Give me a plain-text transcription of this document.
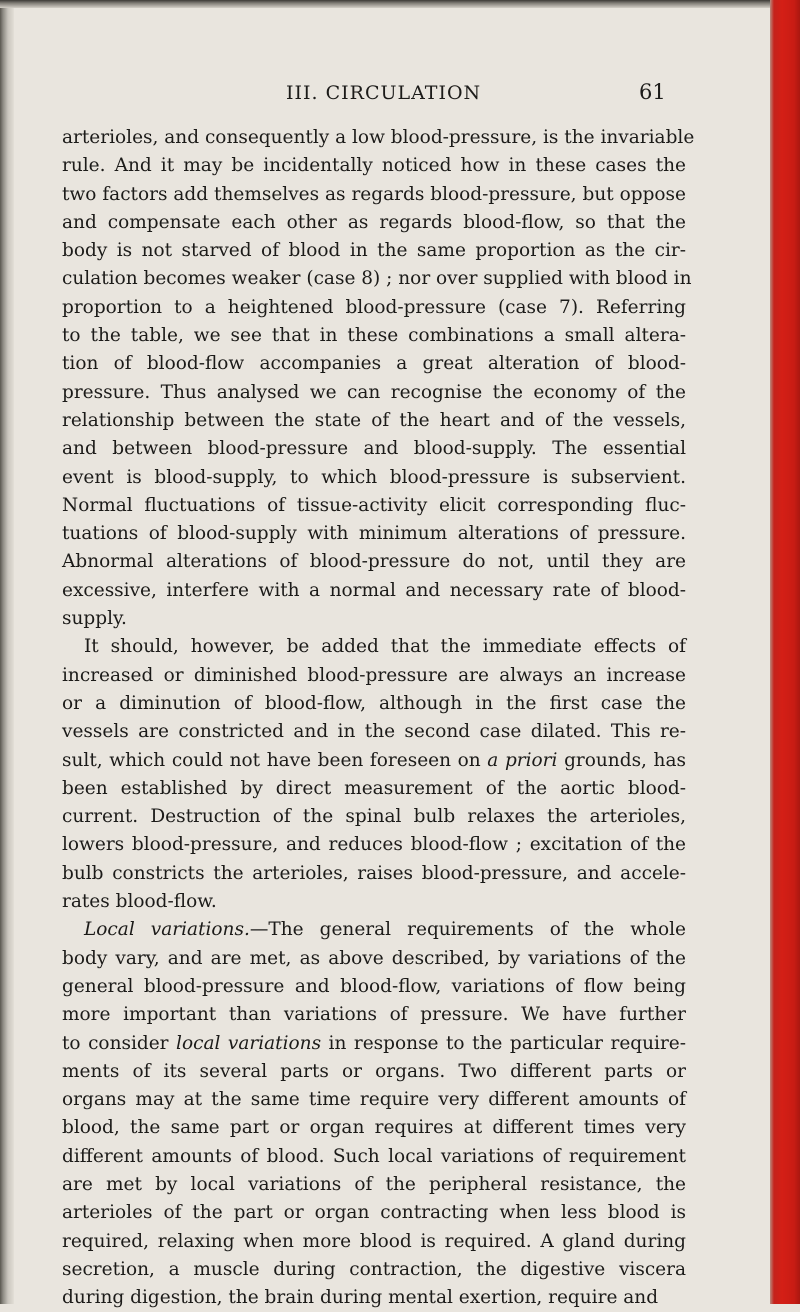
III. CIRCULATION	61
arterioles, and consequently a low blood-pressure, is the invariable
rule. And it may be incidentally noticed how in these cases the
two factors add themselves as regards blood-pressure, but oppose
and compensate each other as regards blood-flow, so that the
body is not starved of blood in the same proportion as the cir-
culation becomes weaker (case 8) ; nor over supplied with blood in
proportion to a heightened blood-pressure (case 7). Referring
to the table, we see that in these combinations a small altera-
tion of blood-flow accompanies a great alteration of blood-
pressure. Thus analysed we can recognise the economy of the
relationship between the state of the heart and of the vessels,
and between blood-pressure and blood-supply. The essential
event is blood-supply, to which blood-pressure is subservient.
Normal fluctuations of tissue-activity elicit corresponding fluc-
tuations of blood-supply with minimum alterations of pressure.
Abnormal alterations of blood-pressure do not, until they are
excessive, interfere with a normal and necessary rate of blood-
supply.
It should, however, be added that the immediate effects of
increased or diminished blood-pressure are always an increase
or a diminution of blood-flow, although in the first case the
vessels are constricted and in the second case dilated. This re-
sult, which could not have been foreseen on a priori grounds, has
been established by direct measurement of the aortic blood-
current. Destruction of the spinal bulb relaxes the arterioles,
lowers blood-pressure, and reduces blood-flow ; excitation of the
bulb constricts the arterioles, raises blood-pressure, and accele-
rates blood-flow.
Local variations.—The general requirements of the whole
body vary, and are met, as above described, by variations of the
general blood-pressure and blood-flow, variations of flow being
more important than variations of pressure. We have further
to consider local variations in response to the particular require-
ments of its several parts or organs. Two different parts or
organs may at the same time require very different amounts of
blood, the same part or organ requires at different times very
different amounts of blood. Such local variations of requirement
are met by local variations of the peripheral resistance, the
arterioles of the part or organ contracting when less blood is
required, relaxing when more blood is required. A gland during
secretion, a muscle during contraction, the digestive viscera
during digestion, the brain during mental exertion, require and
